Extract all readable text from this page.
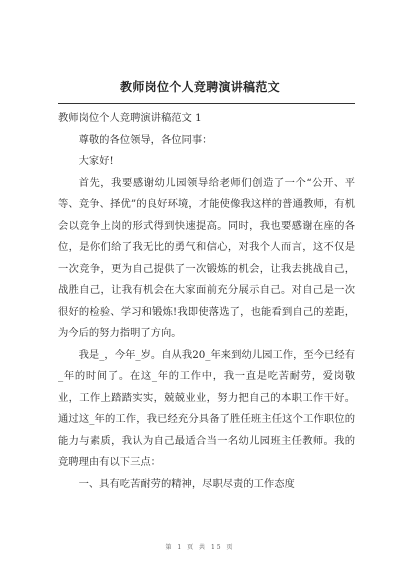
教师岗位个人竞聘演讲稿范文

教师岗位个人竞聘演讲稿范文 1

尊敬的各位领导，各位同事：

大家好!

首先，我要感谢幼儿园领导给老师们创造了一个“公开、平等、竞争、择优”的良好环境，才能使像我这样的普通教师，有机会以竞争上岗的形式得到快速提高。同时，我也要感谢在座的各位，是你们给了我无比的勇气和信心，对我个人而言，这不仅是一次竞争，更为自己提供了一次锻炼的机会，让我去挑战自己，战胜自己，让我有机会在大家面前充分展示自己。对自己是一次很好的检验、学习和锻炼!我即使落选了，也能看到自己的差距，为今后的努力指明了方向。

我是_，今年_岁。自从我20_年来到幼儿园工作，至今已经有_年的时间了。在这_年的工作中，我一直是吃苦耐劳，爱岗敬业，工作上踏踏实实，兢兢业业，努力把自己的本职工作干好。通过这_年的工作，我已经充分具备了胜任班主任这个工作职位的能力与素质，我认为自己最适合当一名幼儿园班主任教师。我的竞聘理由有以下三点：

一、具有吃苦耐劳的精神，尽职尽责的工作态度

第 1 页 共 15 页
